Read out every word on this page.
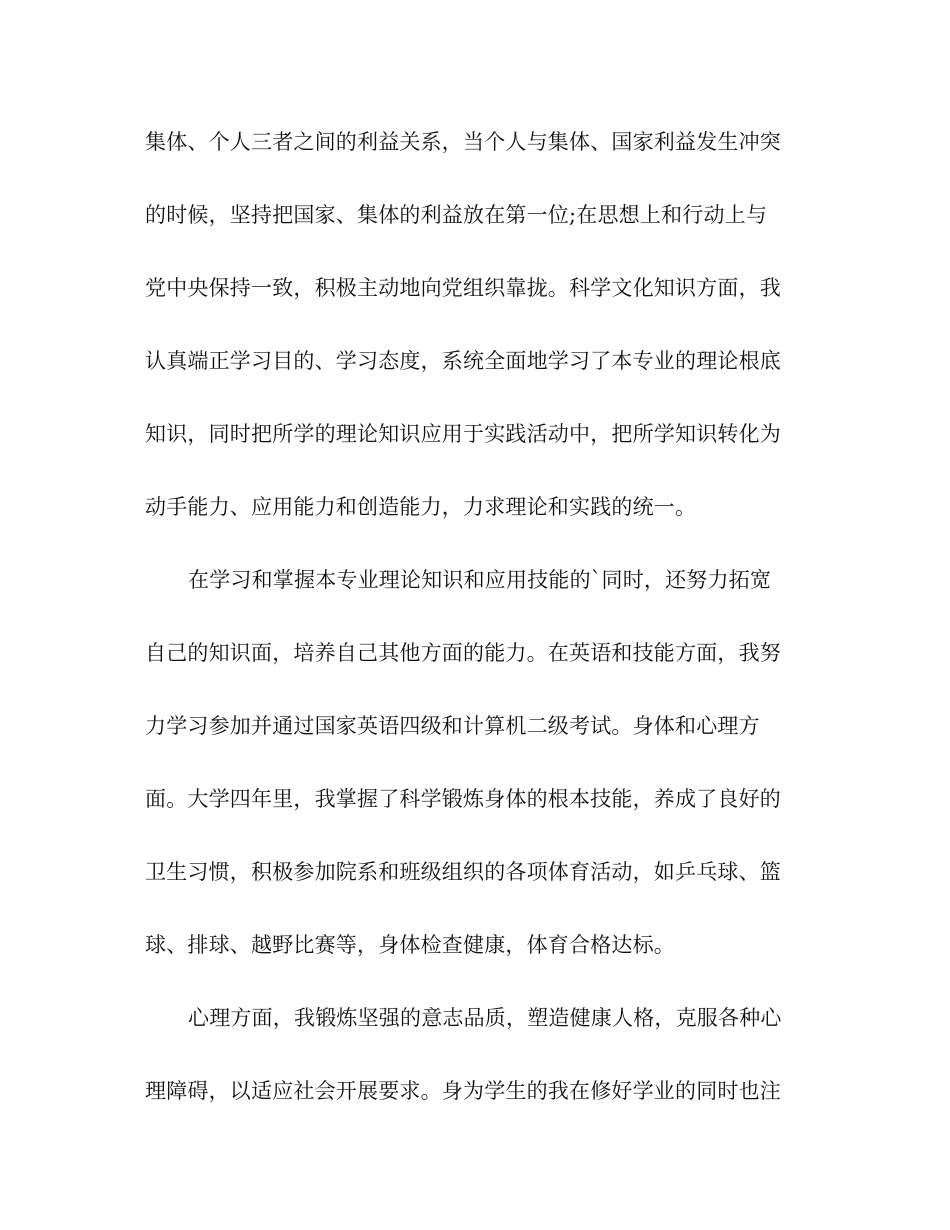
集体、个人三者之间的利益关系，当个人与集体、国家利益发生冲突
的时候，坚持把国家、集体的利益放在第一位;在思想上和行动上与
党中央保持一致，积极主动地向党组织靠拢。科学文化知识方面，我
认真端正学习目的、学习态度，系统全面地学习了本专业的理论根底
知识，同时把所学的理论知识应用于实践活动中，把所学知识转化为
动手能力、应用能力和创造能力，力求理论和实践的统一。
在学习和掌握本专业理论知识和应用技能的`同时，还努力拓宽
自己的知识面，培养自己其他方面的能力。在英语和技能方面，我努
力学习参加并通过国家英语四级和计算机二级考试。身体和心理方
面。大学四年里，我掌握了科学锻炼身体的根本技能，养成了良好的
卫生习惯，积极参加院系和班级组织的各项体育活动，如乒乓球、篮
球、排球、越野比赛等，身体检查健康，体育合格达标。
心理方面，我锻炼坚强的意志品质，塑造健康人格，克服各种心
理障碍，以适应社会开展要求。身为学生的我在修好学业的同时也注
